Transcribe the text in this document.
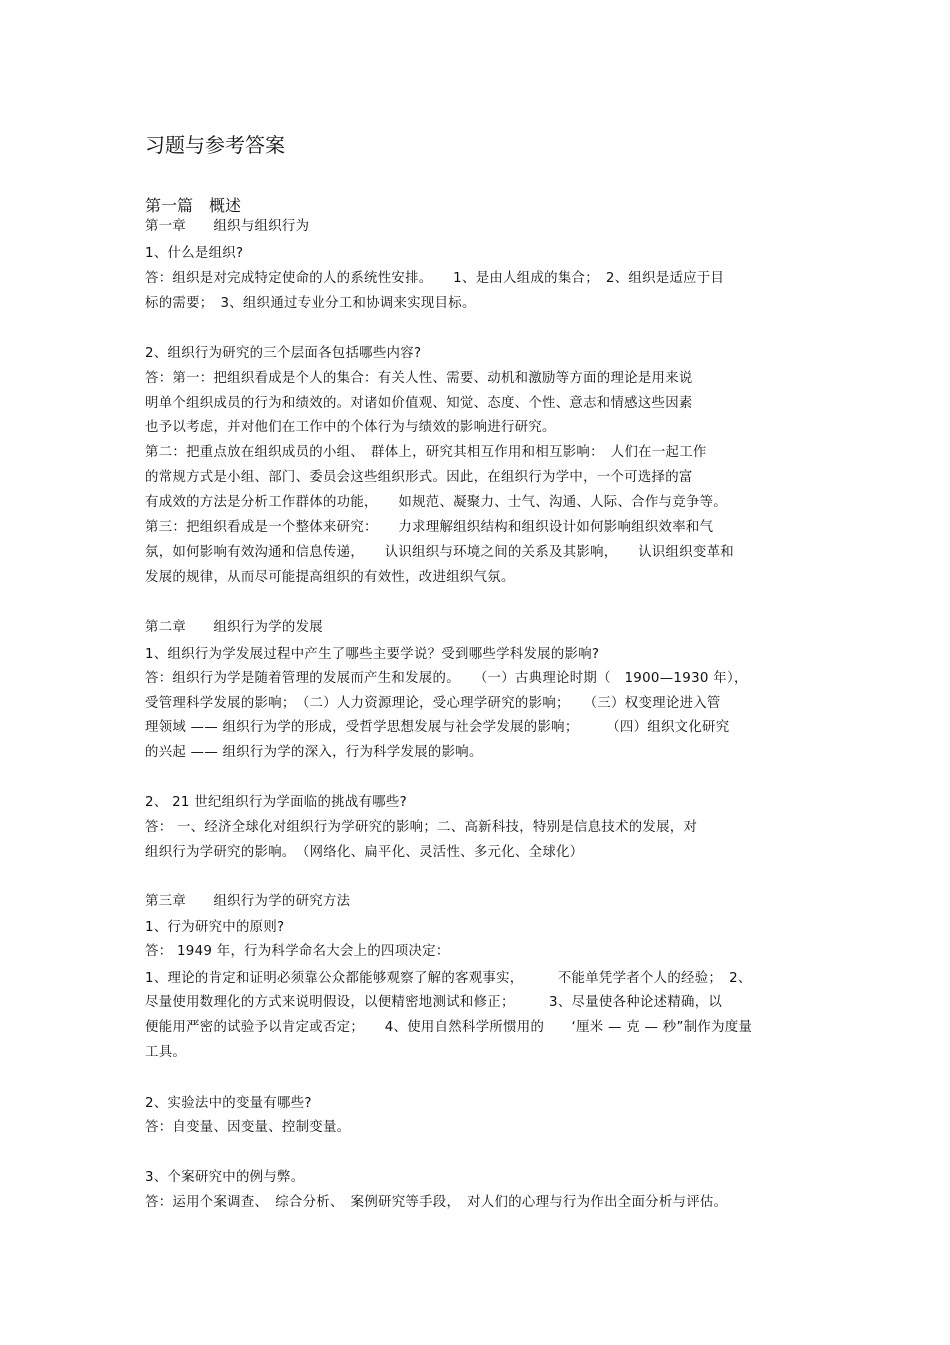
习题与参考答案
第一篇　概述
第一章　　组织与组织行为
1、什么是组织?
答：组织是对完成特定使命的人的系统性安排。　　1、是由人组成的集合；　2、组织是适应于目
标的需要；　3、组织通过专业分工和协调来实现目标。
2、组织行为研究的三个层面各包括哪些内容?
答：第一：把组织看成是个人的集合：有关人性、需要、动机和激励等方面的理论是用来说
明单个组织成员的行为和绩效的。对诸如价值观、知觉、态度、个性、意志和情感这些因素
也予以考虑，并对他们在工作中的个体行为与绩效的影响进行研究。
第二：把重点放在组织成员的小组、　群体上，研究其相互作用和相互影响：　人们在一起工作
的常规方式是小组、部门、委员会这些组织形式。因此，在组织行为学中，一个可选择的富
有成效的方法是分析工作群体的功能，　　如规范、凝聚力、士气、沟通、人际、合作与竞争等。
第三：把组织看成是一个整体来研究：　　力求理解组织结构和组织设计如何影响组织效率和气
氛，如何影响有效沟通和信息传递，　　认识组织与环境之间的关系及其影响，　　认识组织变革和
发展的规律，从而尽可能提高组织的有效性，改进组织气氛。
第二章　　组织行为学的发展
1、组织行为学发展过程中产生了哪些主要学说？受到哪些学科发展的影响?
答：组织行为学是随着管理的发展而产生和发展的。　　（一）古典理论时期（　1900—1930 年），
受管理科学发展的影响；　（二）人力资源理论，受心理学研究的影响；　　（三）权变理论进入管
理领域 —— 组织行为学的形成，受哲学思想发展与社会学发展的影响；　　　（四）组织文化研究
的兴起 —— 组织行为学的深入，行为科学发展的影响。
2、 21 世纪组织行为学面临的挑战有哪些?
答： 一、经济全球化对组织行为学研究的影响；二、高新科技，特别是信息技术的发展，对
组织行为学研究的影响。　（网络化、扁平化、灵活性、多元化、全球化）
第三章　　组织行为学的研究方法
1、行为研究中的原则?
答： 1949 年，行为科学命名大会上的四项决定：
1、理论的肯定和证明必须靠公众都能够观察了解的客观事实，　　　不能单凭学者个人的经验；　2、
尽量使用数理化的方式来说明假设，以便精密地测试和修正；　　　3、尽量使各种论述精确，以
便能用严密的试验予以肯定或否定；　　4、使用自然科学所惯用的　　‘厘米 — 克 — 秒”制作为度量
工具。
2、实验法中的变量有哪些?
答：自变量、因变量、控制变量。
3、个案研究中的例与弊。
答：运用个案调查、　综合分析、　案例研究等手段，　对人们的心理与行为作出全面分析与评估。
